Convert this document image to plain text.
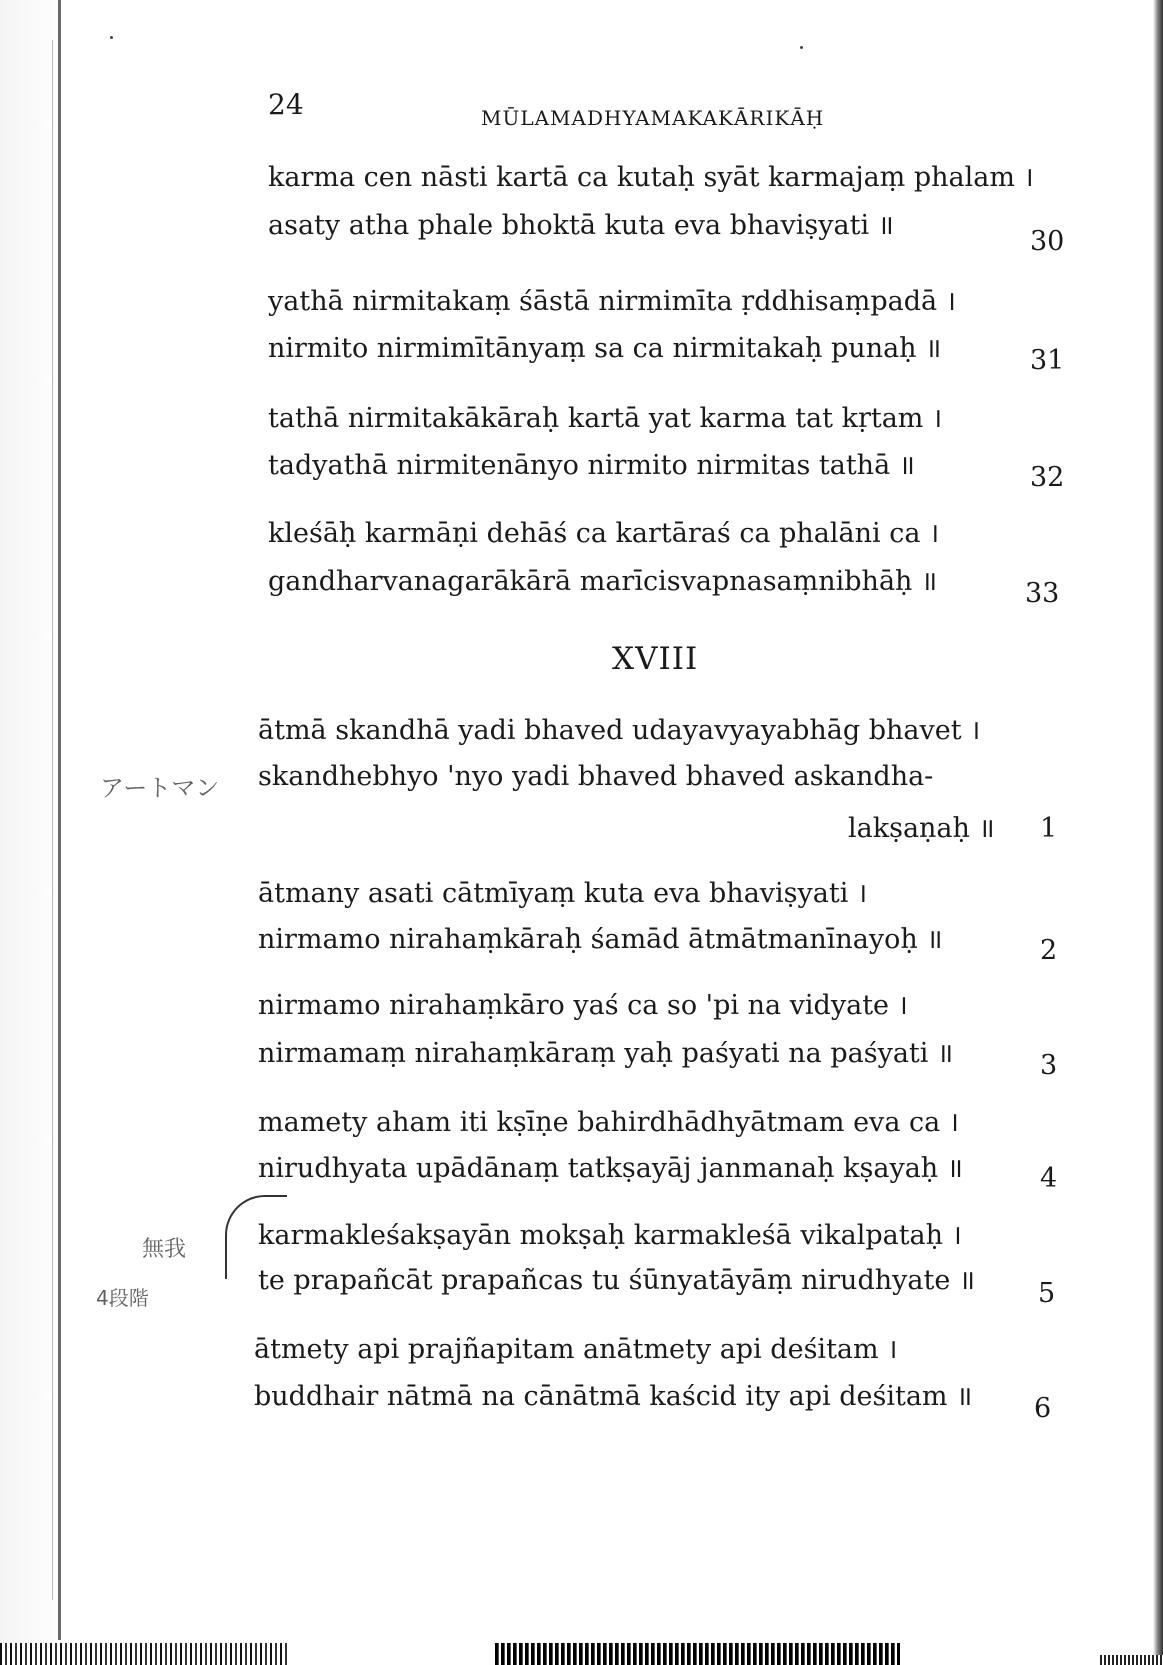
24	MŪLAMADHYAMAKAKĀRIKĀḤ
karma cen nāsti kartā ca kutaḥ syāt karmajaṃ phalam ।
asaty atha phale bhoktā kuta eva bhaviṣyati ॥
30
yathā nirmitakaṃ śāstā nirmimīta ṛddhisaṃpadā ।
nirmito nirmimītānyaṃ sa ca nirmitakaḥ punaḥ ॥	31
tathā nirmitakākāraḥ kartā yat karma tat kṛtam ।
tadyathā nirmitenānyo nirmito nirmitas tathā ॥	32
kleśāḥ karmāṇi dehāś ca kartāraś ca phalāni ca ।
gandharvanagarākārā marīcisvapnasaṃnibhāḥ ॥	33
XVIII
ātmā skandhā yadi bhaved udayavyayabhāg bhavet ।
skandhebhyo 'nyo yadi bhaved bhaved askandha-
lakṣaṇaḥ ॥ 1
ātmany asati cātmīyaṃ kuta eva bhaviṣyati ।
nirmamo nirahaṃkāraḥ śamād ātmātmanīnayoḥ ॥	2
nirmamo nirahaṃkāro yaś ca so 'pi na vidyate ।
nirmamaṃ nirahaṃkāraṃ yaḥ paśyati na paśyati ॥	3
mamety aham iti kṣīṇe bahirdhādhyātmam eva ca ।
nirudhyata upādānaṃ tatkṣayāj janmanaḥ kṣayaḥ ॥	4
karmakleśakṣayān mokṣaḥ karmakleśā vikalpataḥ ।
te prapañcāt prapañcas tu śūnyatāyāṃ nirudhyate ॥ 5
ātmety api prajñapitam anātmety api deśitam ।
buddhair nātmā na cānātmā kaścid ity api deśitam ॥ 6
アートマン
無我
4段階
